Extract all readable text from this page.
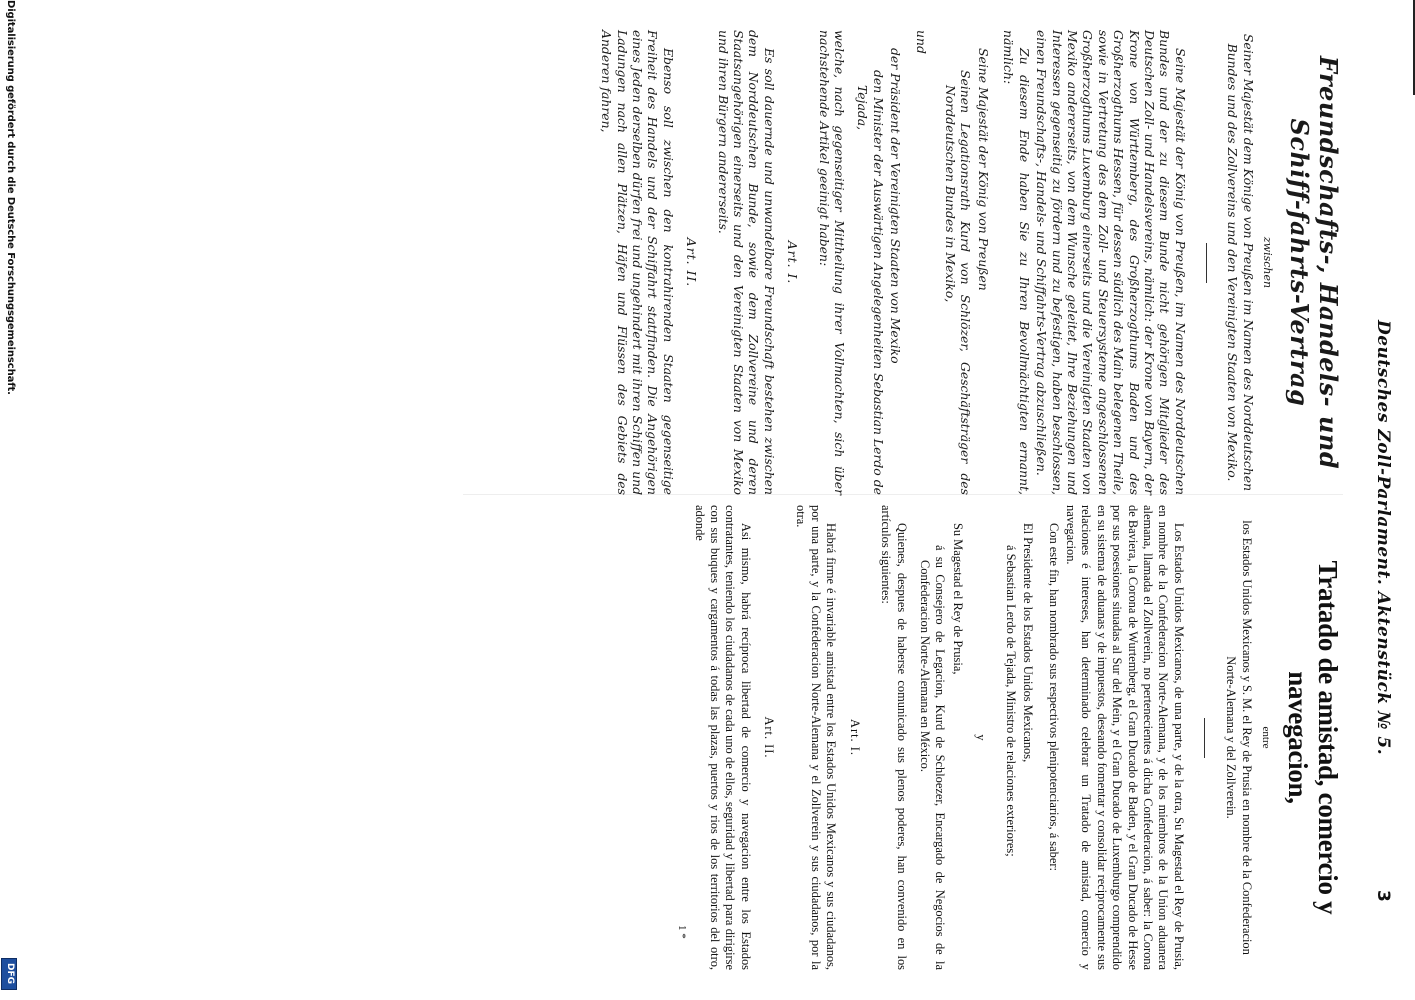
Deutsches Zoll-Parlament. Aktenstück № 5.
3
Freundschafts-, Handels- und Schiff-fahrts-Vertrag
zwischen
Seiner Majestät dem Könige von Preußen im Namen des Norddeutschen Bundes und des Zollvereins und den Vereinigten Staaten von Mexiko.
Seine Majestät der König von Preußen, im Namen des Norddeutschen Bundes und der zu diesem Bunde nicht gehörigen Mitglieder des Deutschen Zoll- und Handelsvereins, nämlich: der Krone von Bayern, der Krone von Württemberg, des Großherzogthums Baden und des Großherzogthums Hessen, für dessen südlich des Main belegenen Theile, sowie in Vertretung des dem Zoll- und Steuersysteme angeschlossenen Großherzogthums Luxemburg einerseits und die Vereinigten Staaten von Mexiko andererseits, von dem Wunsche geleitet, Ihre Beziehungen und Interessen gegenseitig zu fördern und zu befestigen, haben beschlossen, einen Freundschafts-, Handels- und Schiffahrts-Vertrag abzuschließen.
Zu diesem Ende haben Sie zu Ihren Bevollmächtigten ernannt, nämlich:
Seine Majestät der König von Preußen
Seinen Legationsrath Kurd von Schlözer, Geschäftsträger des Norddeutschen Bundes in Mexiko,
und
der Präsident der Vereinigten Staaten von Mexiko
den Minister der Auswärtigen Angelegenheiten Sebastian Lerdo de Tejada,
welche, nach gegenseitiger Mittheilung ihrer Vollmachten, sich über nachstehende Artikel geeinigt haben:
Art. I.
Es soll dauernde und unwandelbare Freundschaft bestehen zwischen dem Norddeutschen Bunde, sowie dem Zollvereine und deren Staatsangehörigen einerseits und den Vereinigten Staaten von Mexiko und ihren Bürgern andererseits.
Art. II.
Ebenso soll zwischen den kontrahirenden Staaten gegenseitige Freiheit des Handels und der Schiffahrt stattfinden. Die Angehörigen eines Jeden derselben dürfen frei und ungehindert mit ihren Schiffen und Ladungen nach allen Plätzen, Häfen und Flüssen des Gebiets des Anderen fahren,
Tratado de amistad, comercio y navegacion,
entre
los Estados Unidos Mexicanos y S. M. el Rey de Prusia en nombre de la Confederacion Norte-Alemana y del Zollverein.
Los Estados Unidos Mexicanos, de una parte, y de la otra, Su Magestad el Rey de Prusia, en nombre de la Confederacion Norte-Alemana, y de los miembros de la Union aduanera alemana, llamada el Zollverein, no pertenecientes á dicha Confederacion, á saber: la Corona de Baviera, la Corona de Wurtemberg, el Gran Ducado de Baden, y el Gran Ducado de Hesse por sus posesiones situadas al Sur del Mein, y el Gran Ducado de Luxemburgo comprendido en su sistema de aduanas y de impuestos, deseando fomentar y consolidar reciprocamente sus relaciones é intereses, han determinado celebrar un Tratado de amistad, comercio y navegacion.
Con este fin, han nombrado sus respectivos plenipotenciarios, á saber:
El Presidente de los Estados Unidos Mexicanos,
á Sebastian Lerdo de Tejada, Ministro de relaciones exteriores;
y
Su Magestad el Rey de Prusia,
á su Consejero de Legacion, Kurd de Schloezer, Encargado de Negocios de la Confederacion Norte-Alemana en México.
Quienes, despues de haberse comunicado sus plenos poderes, han convenido en los artículos siguientes:
Art. I.
Habrá firme é invariable amistad entre los Estados Unidos Mexicanos y sus ciudadanos, por una parte, y la Confederacion Norte-Alemana y el Zollverein y sus ciudadanos, por la otra.
Art. II.
Asi mismo, habrá recíproca libertad de comercio y navegacion entre los Estados contratantes, teniendo los ciudadanos de cada uno de ellos, seguridad y libertad para dirigirse con sus buques y cargamentos á todas las plazas, puertos y rios de los territorios del otro, adonde
1 *
Digitalisierung gefördert durch die Deutsche Forschungsgemeinschaft.
DFG
